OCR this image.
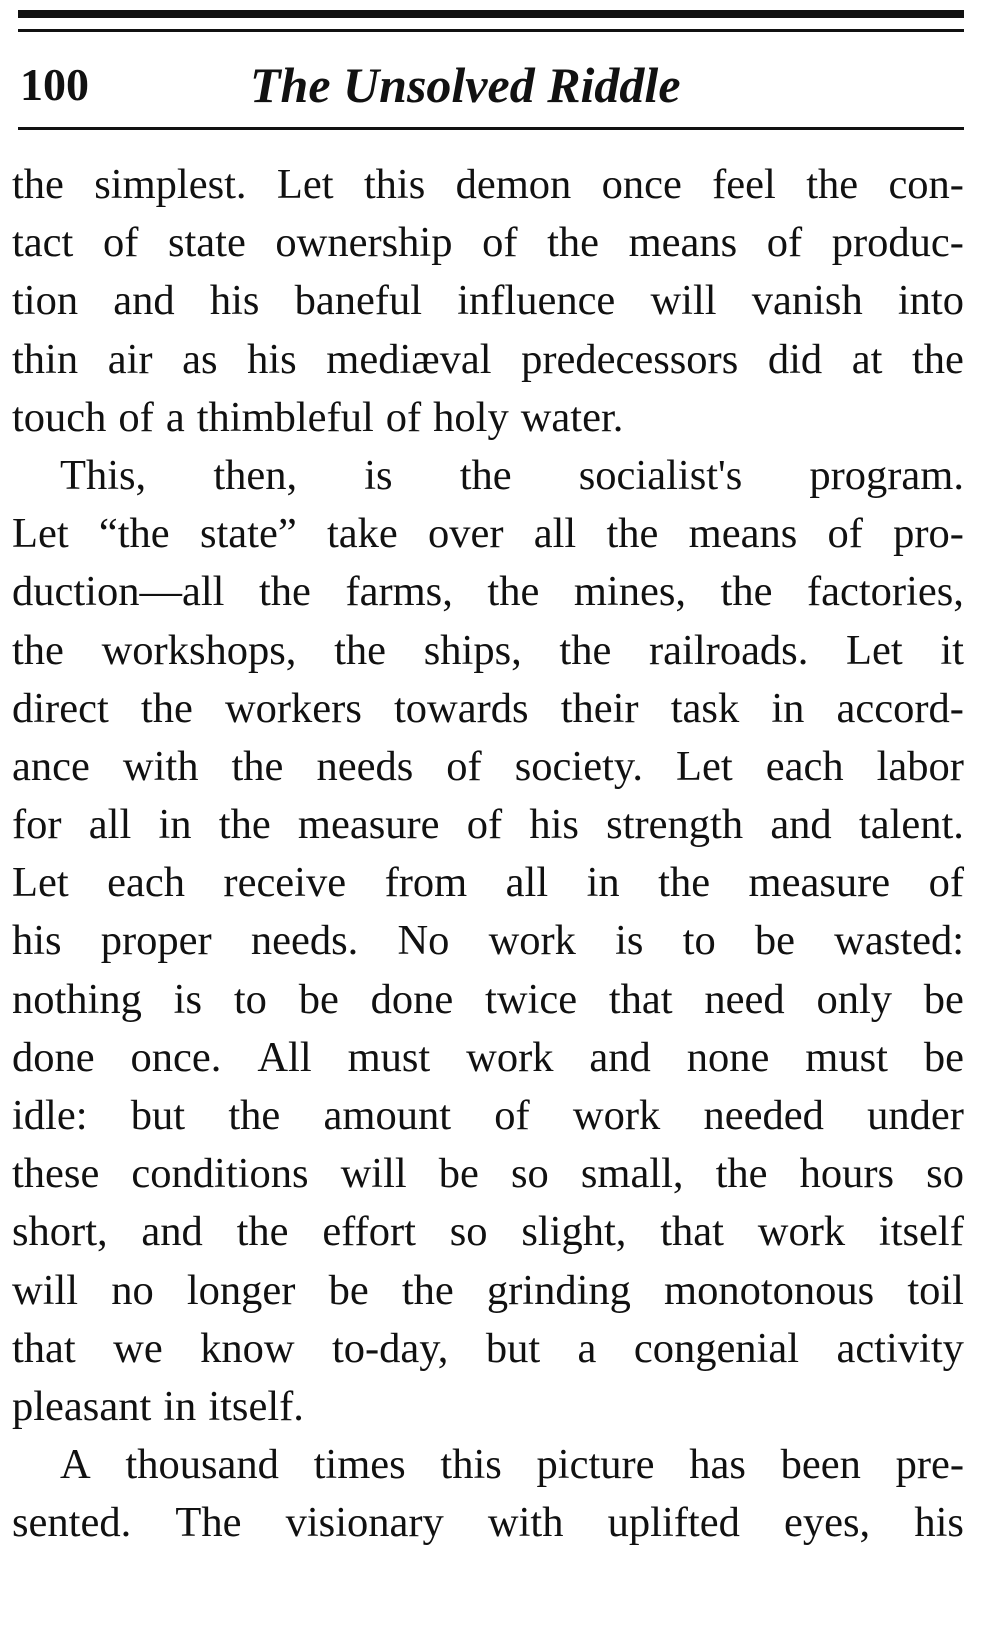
100	The Unsolved Riddle
the simplest. Let this demon once feel the con-
tact of state ownership of the means of produc-
tion and his baneful influence will vanish into
thin air as his mediæval predecessors did at the
touch of a thimbleful of holy water.
This, then, is the socialist's program.
Let “the state” take over all the means of pro-
duction—all the farms, the mines, the factories,
the workshops, the ships, the railroads. Let it
direct the workers towards their task in accord-
ance with the needs of society. Let each labor
for all in the measure of his strength and talent.
Let each receive from all in the measure of
his proper needs. No work is to be wasted:
nothing is to be done twice that need only be
done once. All must work and none must be
idle: but the amount of work needed under
these conditions will be so small, the hours so
short, and the effort so slight, that work itself
will no longer be the grinding monotonous toil
that we know to-day, but a congenial activity
pleasant in itself.
A thousand times this picture has been pre-
sented. The visionary with uplifted eyes, his
